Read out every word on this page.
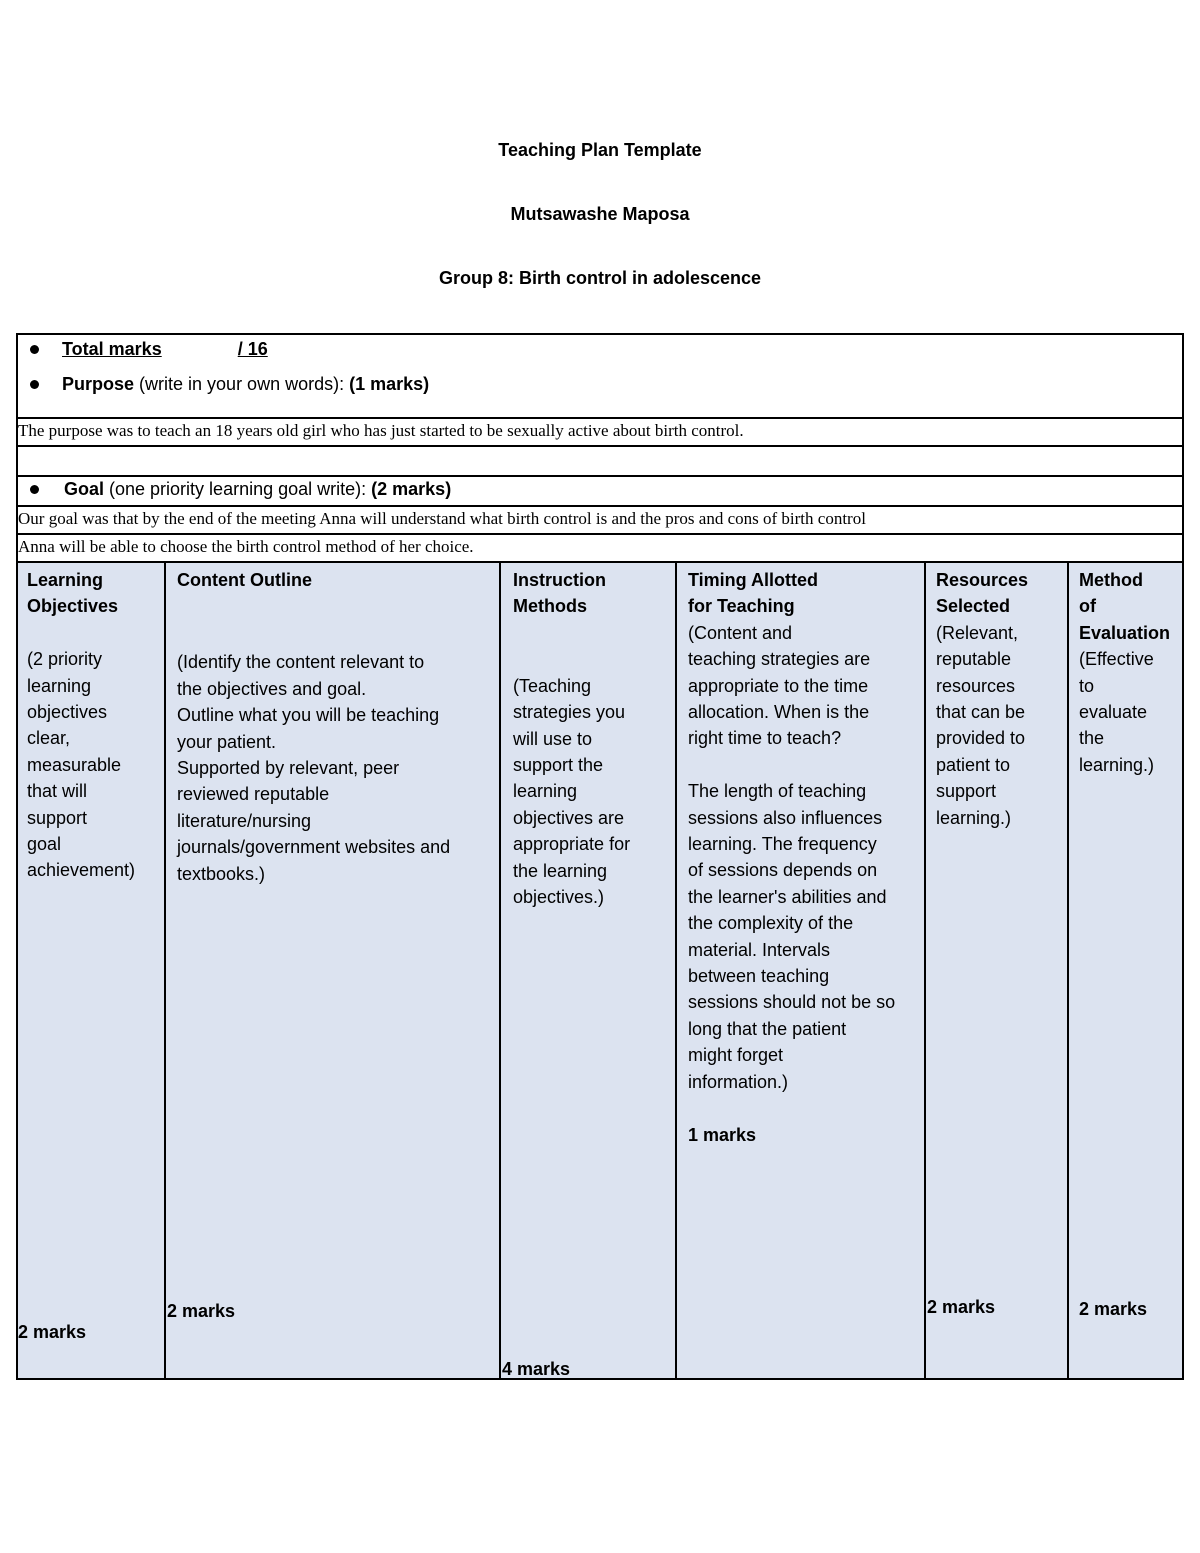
Teaching Plan Template
Mutsawashe Maposa
Group 8: Birth control in adolescence
Total marks	/ 16
Purpose (write in your own words): (1 marks)
The purpose was to teach an 18 years old girl who has just started to be sexually active about birth control.
Goal (one priority learning goal write): (2 marks)
Our goal was that by the end of the meeting Anna will understand what birth control is and the pros and cons of birth control
Anna will be able to choose the birth control method of her choice.
Learning
Objectives
(2 priority
learning
objectives
clear,
measurable
that will
support
goal
achievement)
2 marks
Content Outline
(Identify the content relevant to
the objectives and goal.
Outline what you will be teaching
your patient.
Supported by relevant, peer
reviewed reputable
literature/nursing
journals/government websites and
textbooks.)
2 marks
Instruction
Methods
(Teaching
strategies you
will use to
support the
learning
objectives are
appropriate for
the learning
objectives.)
4 marks
Timing Allotted
for Teaching
(Content and
teaching strategies are
appropriate to the time
allocation. When is the
right time to teach?
The length of teaching
sessions also influences
learning. The frequency
of sessions depends on
the learner's abilities and
the complexity of the
material. Intervals
between teaching
sessions should not be so
long that the patient
might forget
information.)
1 marks
Resources
Selected
(Relevant,
reputable
resources
that can be
provided to
patient to
support
learning.)
2 marks
Method
of
Evaluation
(Effective
to
evaluate
the
learning.)
2 marks
